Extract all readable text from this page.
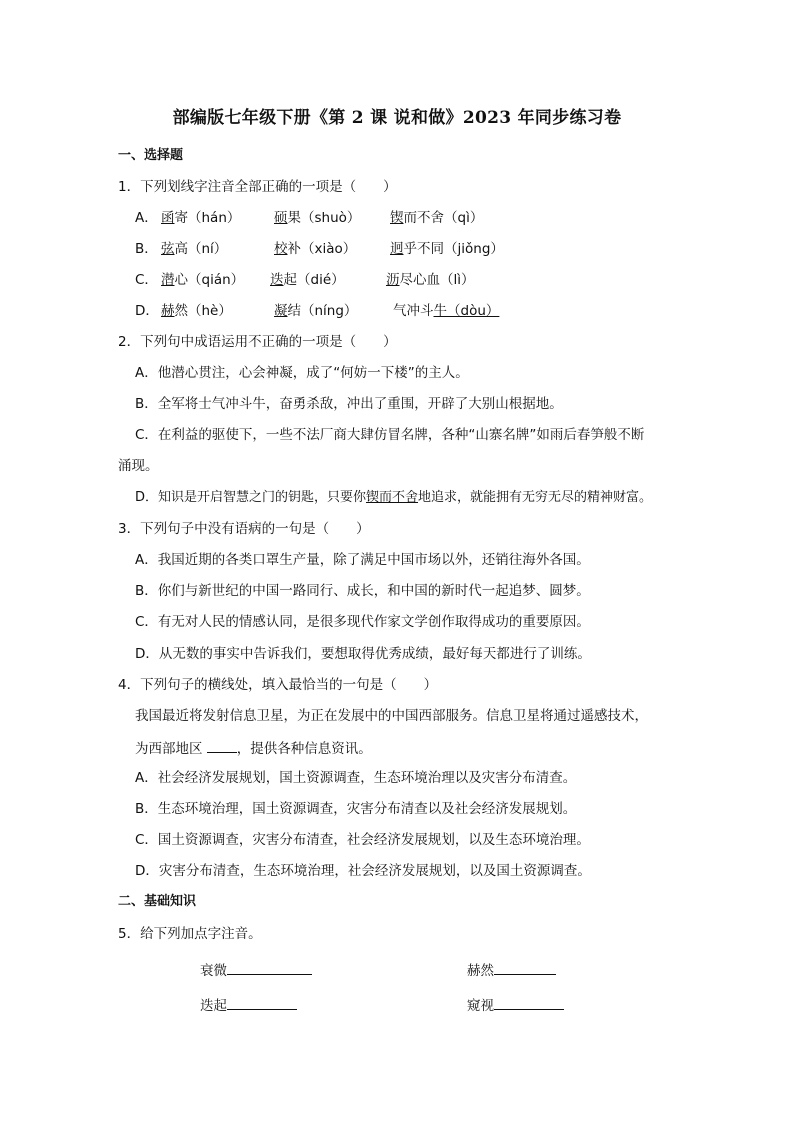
部编版七年级下册《第 2 课 说和做》2023 年同步练习卷
一、选择题
1．下列划线字注音全部正确的一项是（　　）
A． 函寄（hán） 硕果（shuò） 锲而不舍（qì）
B． 弦高（ní）	校补（xiào） 迥乎不同（jiǒng）
C． 潜心（qián） 迭起（dié）	沥尽心血（lì）
D． 赫然（hè）	凝结（níng）	气冲斗牛（dòu）
2．下列句中成语运用不正确的一项是（　　）
A．他潜心贯注，心会神凝，成了“何妨一下楼”的主人。
B．全军将士气冲斗牛，奋勇杀敌，冲出了重围，开辟了大别山根据地。
C．在利益的驱使下，一些不法厂商大肆仿冒名牌，各种“山寨名牌”如雨后春笋般不断
涌现。
D．知识是开启智慧之门的钥匙，只要你锲而不舍地追求，就能拥有无穷无尽的精神财富。
3．下列句子中没有语病的一句是（　　）
A．我国近期的各类口罩生产量，除了满足中国市场以外，还销往海外各国。
B．你们与新世纪的中国一路同行、成长，和中国的新时代一起追梦、圆梦。
C．有无对人民的情感认同，是很多现代作家文学创作取得成功的重要原因。
D．从无数的事实中告诉我们，要想取得优秀成绩，最好每天都进行了训练。
4．下列句子的横线处，填入最恰当的一句是（　　）
我国最近将发射信息卫星，为正在发展中的中国西部服务。信息卫星将通过遥感技术，
为西部地区	，提供各种信息资讯。
A．社会经济发展规划，国土资源调查，生态环境治理以及灾害分布清查。
B．生态环境治理，国土资源调查，灾害分布清查以及社会经济发展规划。
C．国土资源调查，灾害分布清查，社会经济发展规划，以及生态环境治理。
D．灾害分布清查，生态环境治理，社会经济发展规划，以及国土资源调查。
二、基础知识
5．给下列加点字注音。
衰微	赫然
迭起	窥视
